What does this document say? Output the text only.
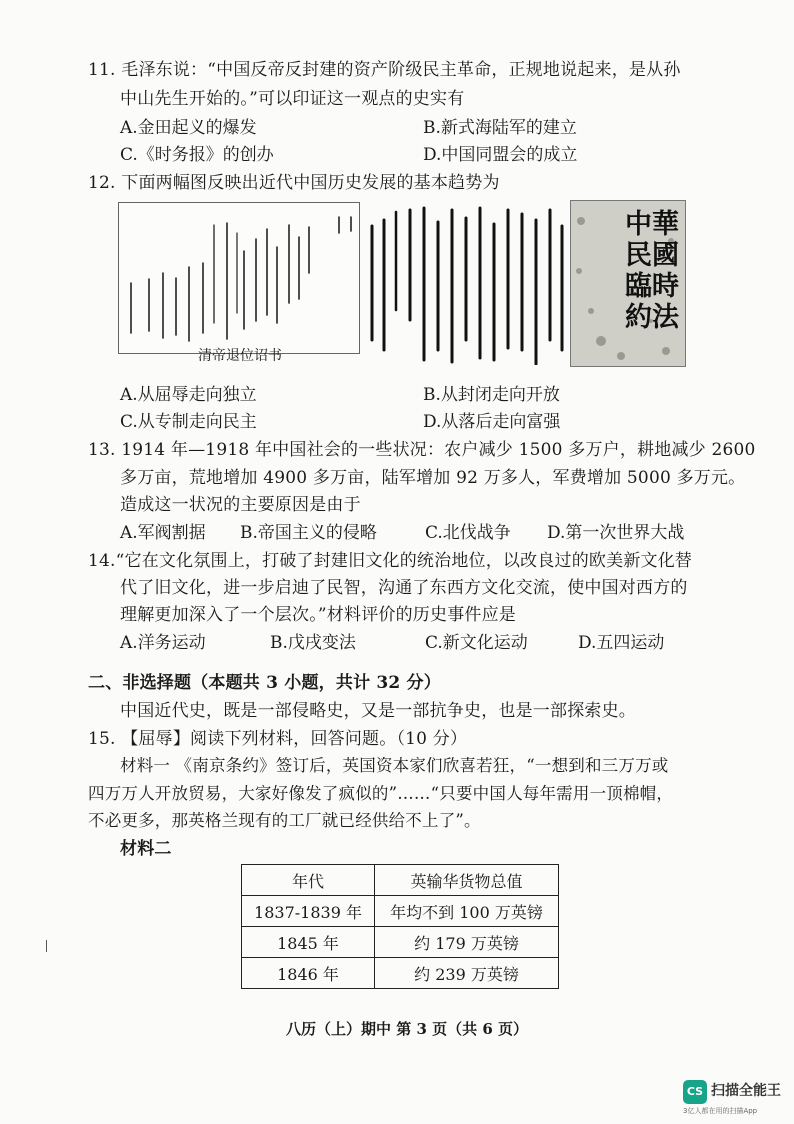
11. 毛泽东说：“中国反帝反封建的资产阶级民主革命，正规地说起来，是从孙
中山先生开始的。”可以印证这一观点的史实有
A.金田起义的爆发	B.新式海陆军的建立
C.《时务报》的创办	D.中国同盟会的成立
12. 下面两幅图反映出近代中国历史发展的基本趋势为
清帝退位诏书
中華民國臨時約法
A.从屈辱走向独立	B.从封闭走向开放
C.从专制走向民主	D.从落后走向富强
13. 1914 年—1918 年中国社会的一些状况：农户减少 1500 多万户，耕地减少 2600
多万亩，荒地增加 4900 多万亩，陆军增加 92 万多人，军费增加 5000 多万元。
造成这一状况的主要原因是由于
A.军阀割据 B.帝国主义的侵略	C.北伐战争 D.第一次世界大战
14.“它在文化氛围上，打破了封建旧文化的统治地位，以改良过的欧美新文化替
代了旧文化，进一步启迪了民智，沟通了东西方文化交流，使中国对西方的
理解更加深入了一个层次。”材料评价的历史事件应是
A.洋务运动	B.戊戌变法	C.新文化运动	D.五四运动
二、非选择题（本题共 3 小题，共计 32 分）
中国近代史，既是一部侵略史，又是一部抗争史，也是一部探索史。
15. 【屈辱】阅读下列材料，回答问题。（10 分）
材料一 《南京条约》签订后，英国资本家们欣喜若狂，“一想到和三万万或
四万万人开放贸易，大家好像发了疯似的”……“只要中国人每年需用一顶棉帽，
不必更多，那英格兰现有的工厂就已经供给不上了”。
材料二
年代	英输华货物总值
1837-1839 年	年均不到 100 万英镑
1845 年	约 179 万英镑
1846 年	约 239 万英镑
八历（上）期中 第 3 页（共 6 页）
CS 扫描全能王
3亿人都在用的扫描App
